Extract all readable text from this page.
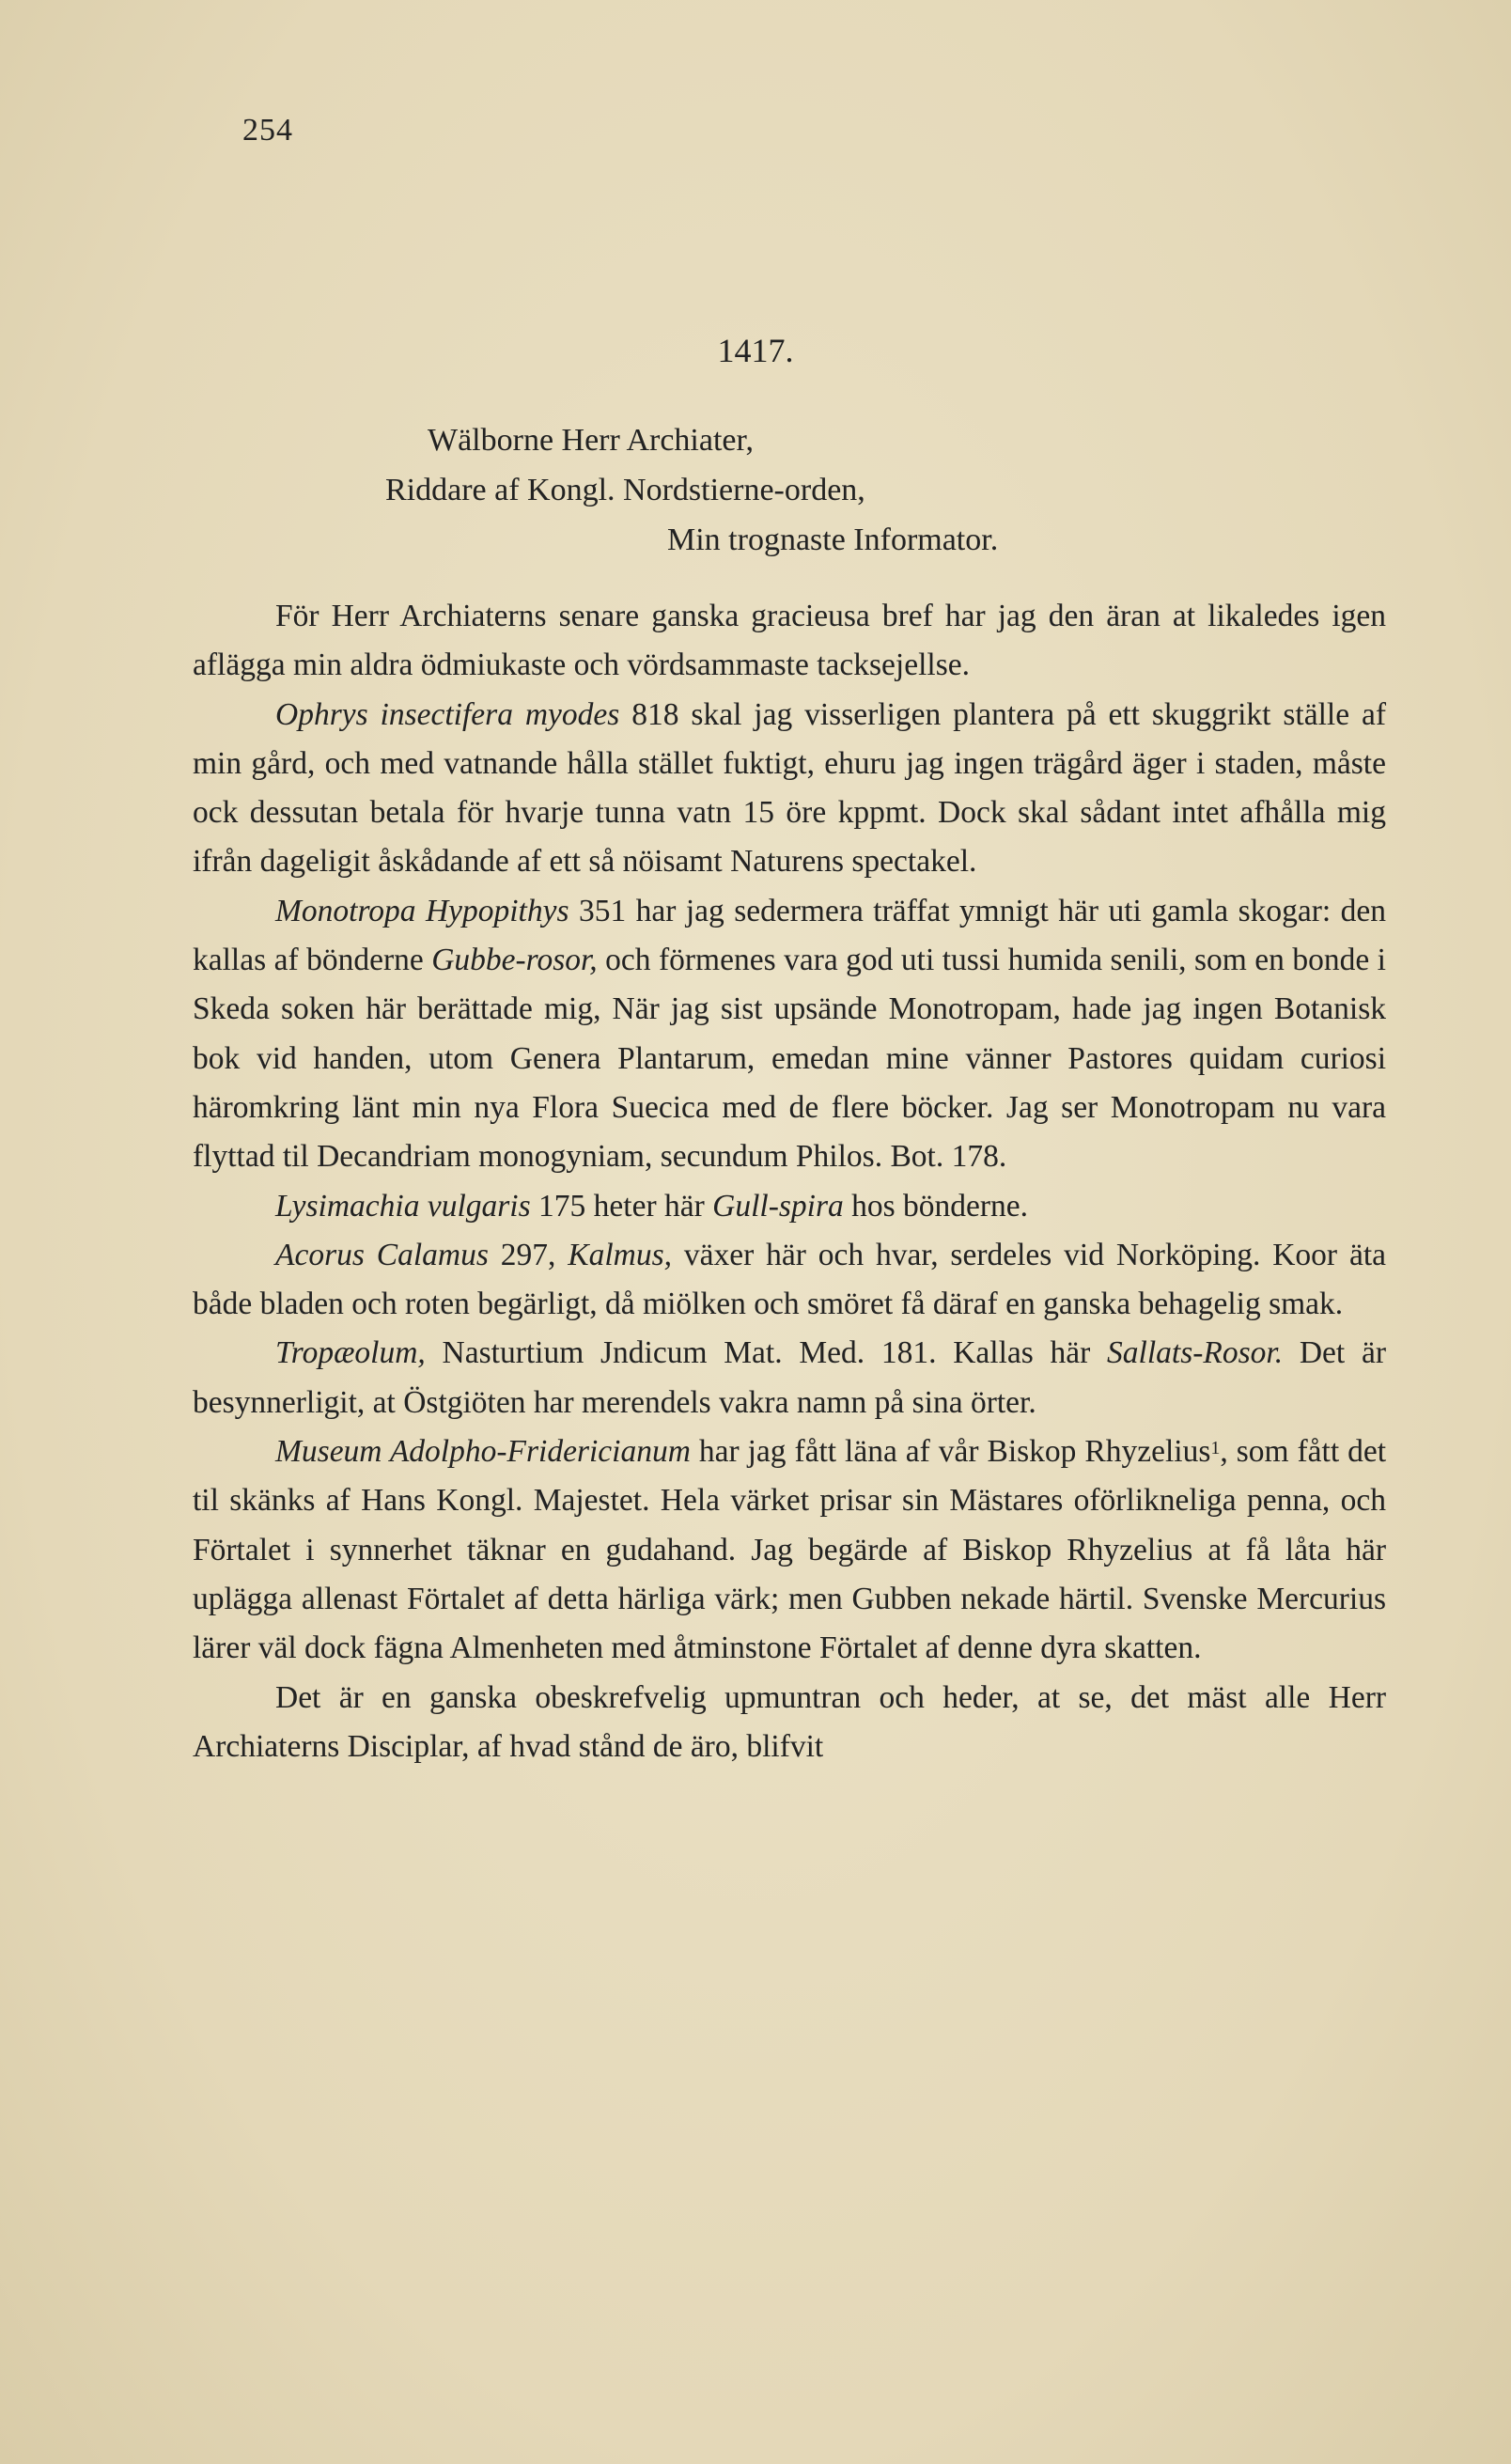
254
1417.
Wälborne Herr Archiater,
Riddare af Kongl. Nordstierne-orden,
Min trognaste Informator.

För Herr Archiaterns senare ganska gracieusa bref har jag den äran at likaledes igen aflägga min aldra ödmiukaste och vördsammaste tacksejellse.

Ophrys insectifera myodes 818 skal jag visserligen plantera på ett skuggrikt ställe af min gård, och med vatnande hålla stället fuktigt, ehuru jag ingen trägård äger i staden, måste ock dessutan betala för hvarje tunna vatn 15 öre kppmt. Dock skal sådant intet afhålla mig ifrån dageligit åskådande af ett så nöisamt Naturens spectakel.

Monotropa Hypopithys 351 har jag sedermera träffat ymnigt här uti gamla skogar: den kallas af bönderne Gubbe-rosor, och förmenes vara god uti tussi humida senili, som en bonde i Skeda soken här berättade mig, När jag sist upsände Monotropam, hade jag ingen Botanisk bok vid handen, utom Genera Plantarum, emedan mine vänner Pastores quidam curiosi häromkring länt min nya Flora Suecica med de flere böcker. Jag ser Monotropam nu vara flyttad til Decandriam monogyniam, secundum Philos. Bot. 178.

Lysimachia vulgaris 175 heter här Gull-spira hos bönderne.

Acorus Calamus 297, Kalmus, växer här och hvar, serdeles vid Norköping. Koor äta både bladen och roten begärligt, då miölken och smöret få däraf en ganska behagelig smak.

Tropæolum, Nasturtium Jndicum Mat. Med. 181. Kallas här Sallats-Rosor. Det är besynnerligit, at Östgiöten har merendels vakra namn på sina örter.

Museum Adolpho-Fridericianum har jag fått läna af vår Biskop Rhyzelius$^1$, som fått det til skänks af Hans Kongl. Majestet. Hela värket prisar sin Mästares oförlikneliga penna, och Förtalet i synnerhet täknar en gudahand. Jag begärde af Biskop Rhyzelius at få låta här uplägga allenast Förtalet af detta härliga värk; men Gubben nekade härtil. Svenske Mercurius lärer väl dock fägna Almenheten med åtminstone Förtalet af denne dyra skatten.

Det är en ganska obeskrefvelig upmuntran och heder, at se, det mäst alle Herr Archiaterns Disciplar, af hvad stånd de äro, blifvit
